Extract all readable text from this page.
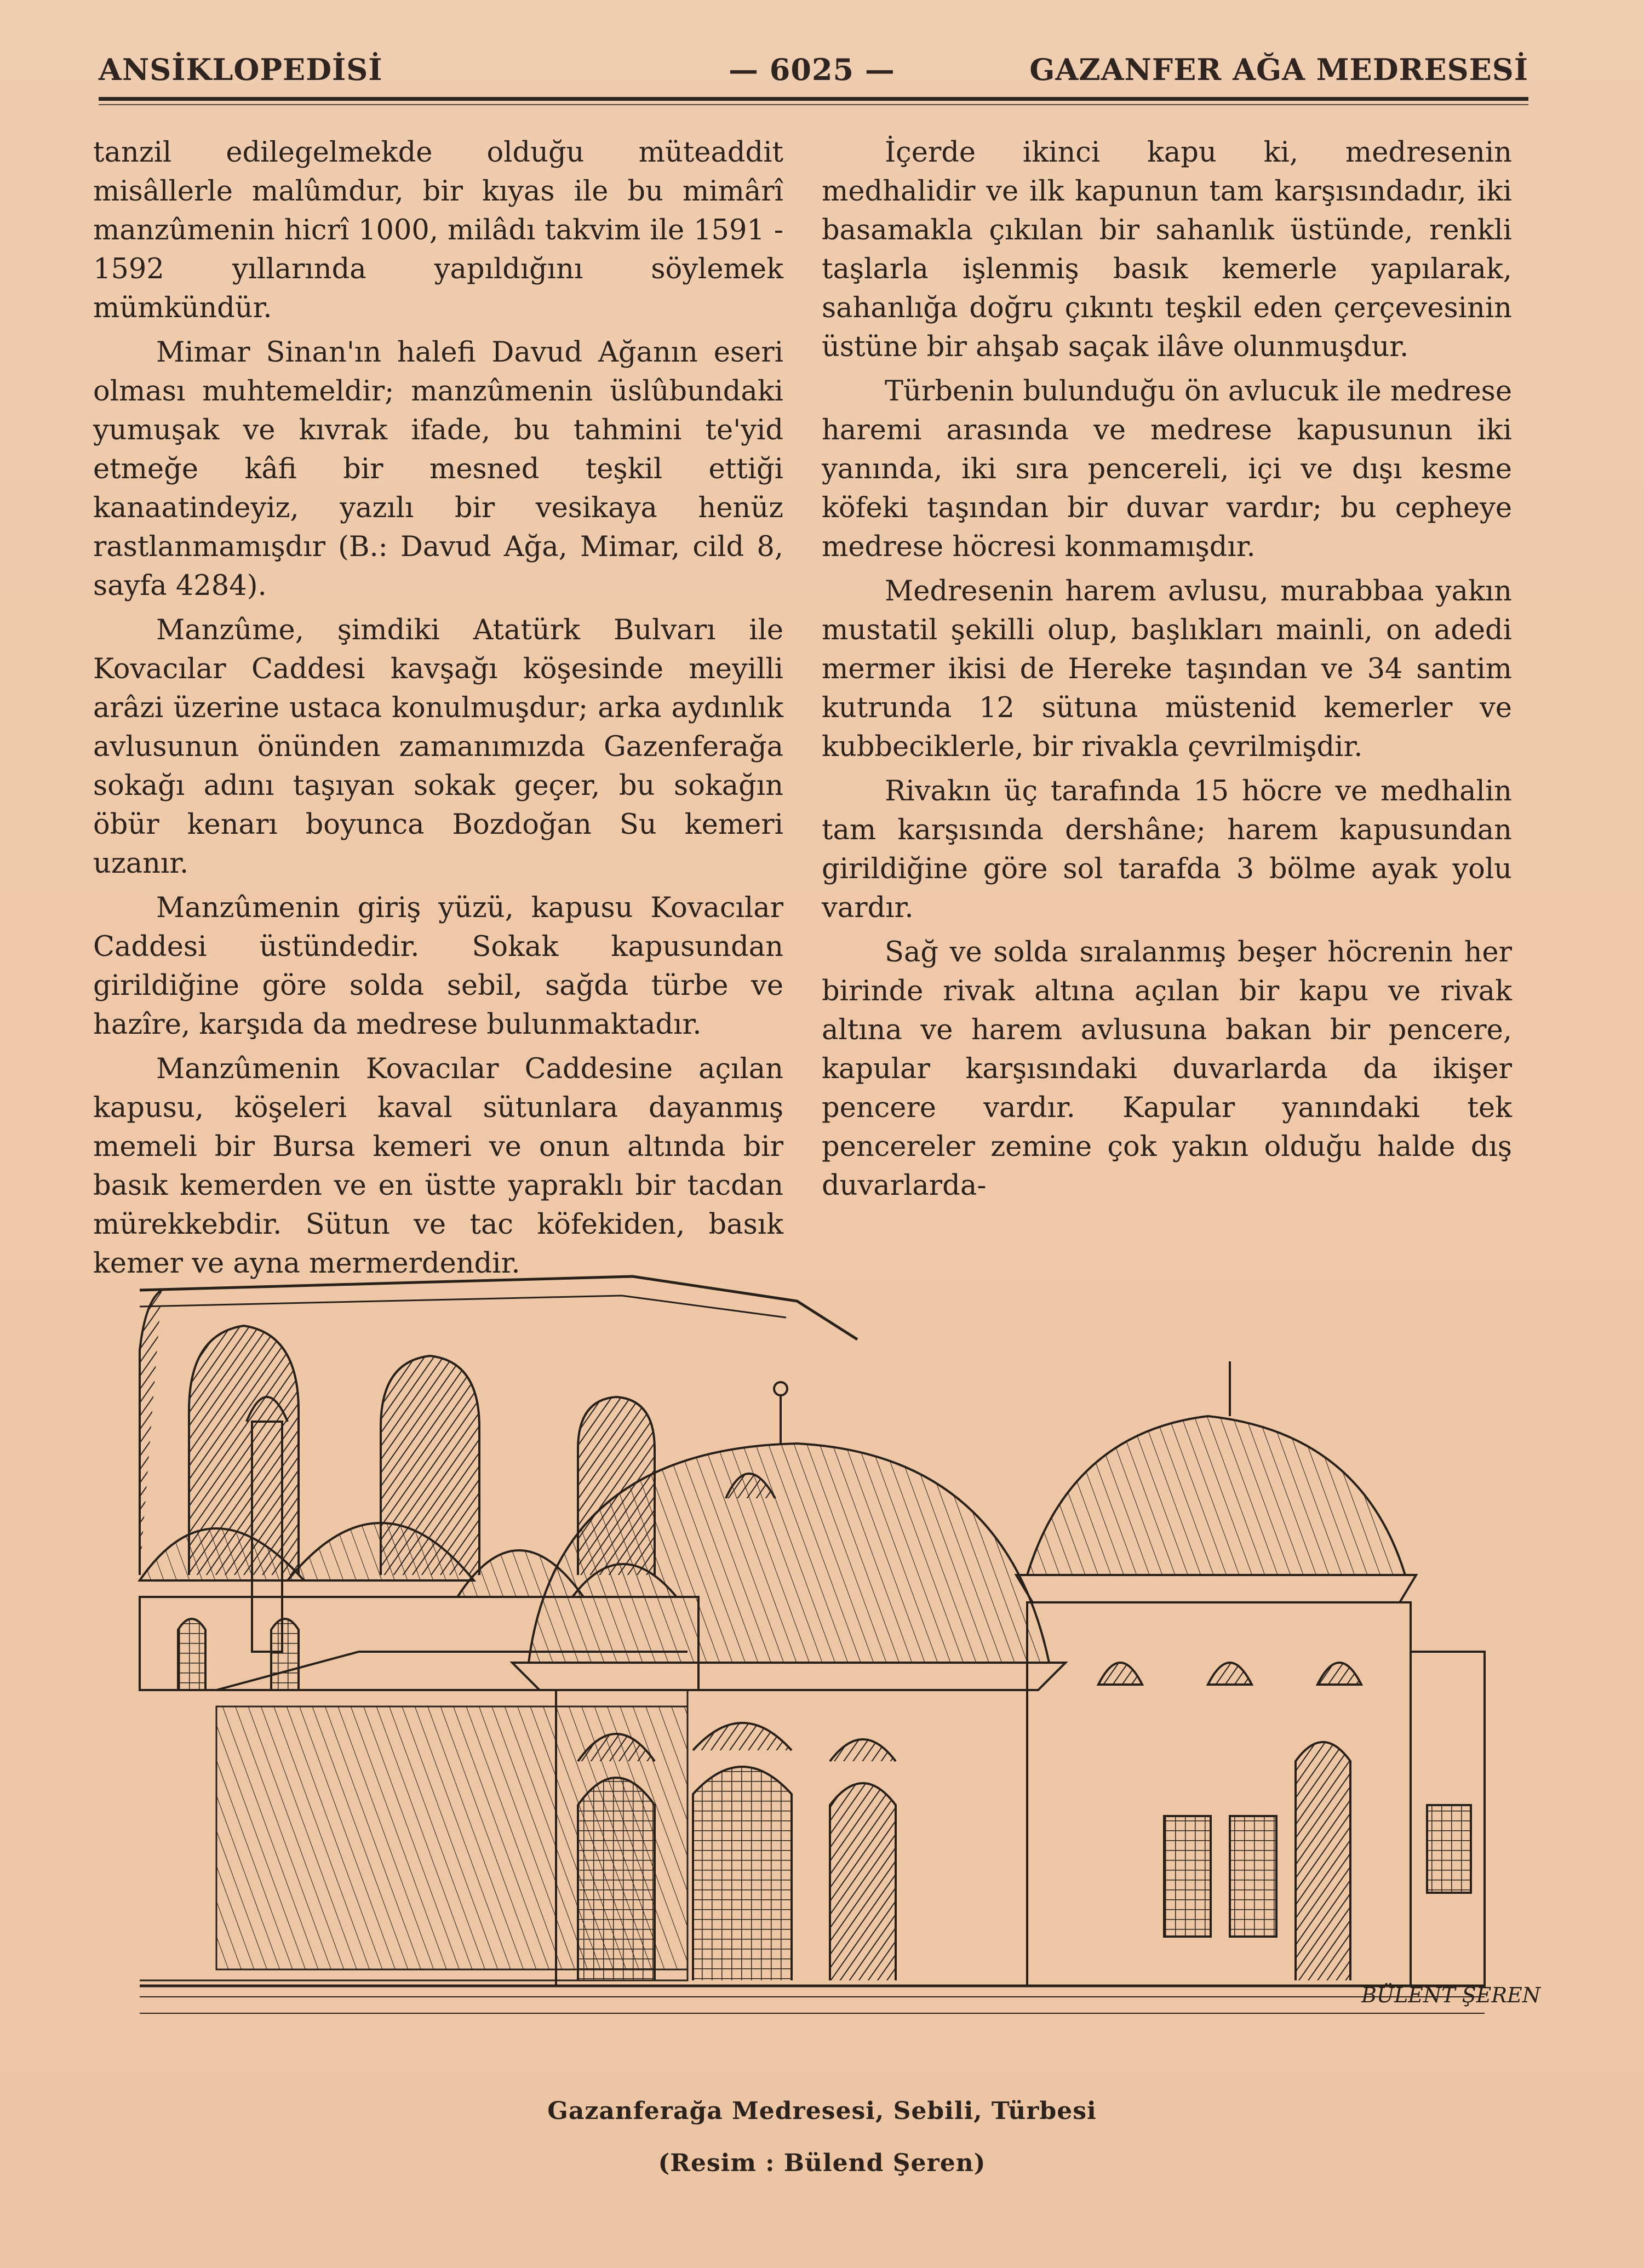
ANSİKLOPEDİSİ	— 6025 —	GAZANFER AĞA MEDRESESİ

tanzil edilegelmekde olduğu müteaddit misâllerle malûmdur, bir kıyas ile bu mimârî manzûmenin hicrî 1000, milâdı takvim ile 1591 - 1592 yıllarında yapıldığını söylemek mümkündür.

Mimar Sinan'ın halefi Davud Ağanın eseri olması muhtemeldir; manzûmenin üslûbundaki yumuşak ve kıvrak ifade, bu tahmini te'yid etmeğe kâfi bir mesned teşkil ettiği kanaatindeyiz, yazılı bir vesikaya henüz rastlanmamışdır (B.: Davud Ağa, Mimar, cild 8, sayfa 4284).

Manzûme, şimdiki Atatürk Bulvarı ile Kovacılar Caddesi kavşağı köşesinde meyilli arâzi üzerine ustaca konulmuşdur; arka aydınlık avlusunun önünden zamanımızda Gazenferağa sokağı adını taşıyan sokak geçer, bu sokağın öbür kenarı boyunca Bozdoğan Su kemeri uzanır.

Manzûmenin giriş yüzü, kapusu Kovacılar Caddesi üstündedir. Sokak kapusundan girildiğine göre solda sebil, sağda türbe ve hazîre, karşıda da medrese bulunmaktadır.

Manzûmenin Kovacılar Caddesine açılan kapusu, köşeleri kaval sütunlara dayanmış memeli bir Bursa kemeri ve onun altında bir basık kemerden ve en üstte yapraklı bir tacdan mürekkebdir. Sütun ve tac köfekiden, basık kemer ve ayna mermerdendir.

İçerde ikinci kapu ki, medresenin medhalidir ve ilk kapunun tam karşısındadır, iki basamakla çıkılan bir sahanlık üstünde, renkli taşlarla işlenmiş basık kemerle yapılarak, sahanlığa doğru çıkıntı teşkil eden çerçevesinin üstüne bir ahşab saçak ilâve olunmuşdur.

Türbenin bulunduğu ön avlucuk ile medrese haremi arasında ve medrese kapusunun iki yanında, iki sıra pencereli, içi ve dışı kesme köfeki taşından bir duvar vardır; bu cepheye medrese höcresi konmamışdır.

Medresenin harem avlusu, murabbaa yakın mustatil şekilli olup, başlıkları mainli, on adedi mermer ikisi de Hereke taşından ve 34 santim kutrunda 12 sütuna müstenid kemerler ve kubbeciklerle, bir rivakla çevrilmişdir.

Rivakın üç tarafında 15 höcre ve medhalin tam karşısında dershâne; harem kapusundan girildiğine göre sol tarafda 3 bölme ayak yolu vardır.

Sağ ve solda sıralanmış beşer höcrenin her birinde rivak altına açılan bir kapu ve rivak altına ve harem avlusuna bakan bir pencere, kapular karşısındaki duvarlarda da ikişer pencere vardır. Kapular yanındaki tek pencereler zemine çok yakın olduğu halde dış duvarlarda-

BÜLENT ŞEREN
Gazanferağa Medresesi, Sebili, Türbesi
(Resim : Bülend Şeren)
